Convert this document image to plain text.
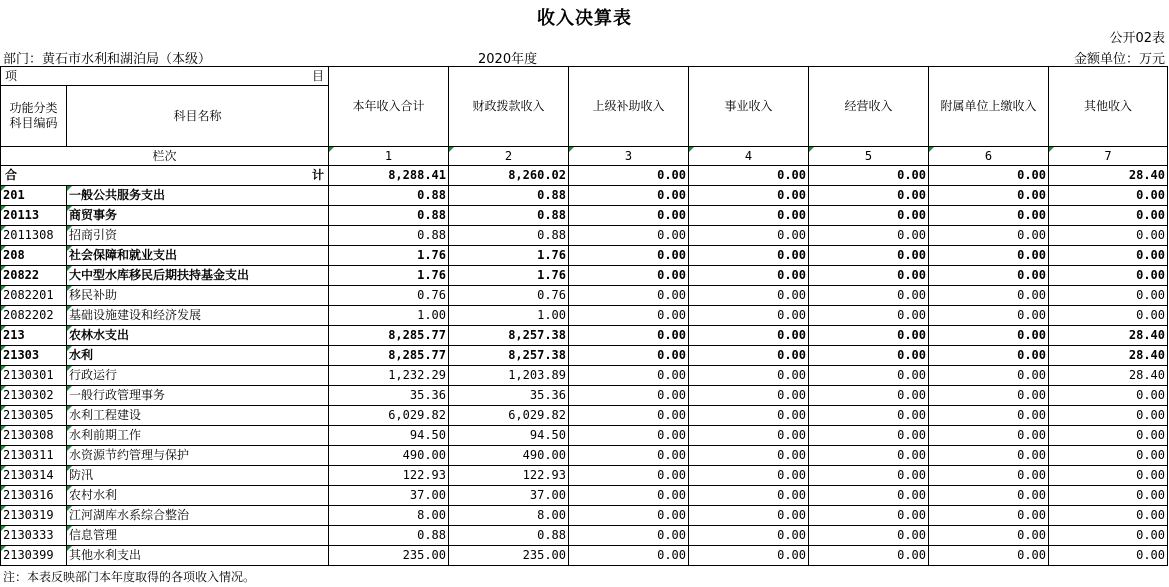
收入决算表
公开02表
部门：黄石市水利和湖泊局（本级）	2020年度	金额单位：万元
项 目		本年收入合计	财政拨款收入	上级补助收入	事业收入	经营收入	附属单位上缴收入	其他收入
功能分类
科目编码	科目名称							
栏次		1	2	3	4	5	6	7

合 计		8,288.41	8,260.02	0.00	0.00	0.00	0.00	28.40
201	一般公共服务支出	0.88	0.88	0.00	0.00	0.00	0.00	0.00
20113	商贸事务	0.88	0.88	0.00	0.00	0.00	0.00	0.00
2011308	招商引资	0.88	0.88	0.00	0.00	0.00	0.00	0.00
208	社会保障和就业支出	1.76	1.76	0.00	0.00	0.00	0.00	0.00
20822	大中型水库移民后期扶持基金支出	1.76	1.76	0.00	0.00	0.00	0.00	0.00
2082201	移民补助	0.76	0.76	0.00	0.00	0.00	0.00	0.00
2082202	基础设施建设和经济发展	1.00	1.00	0.00	0.00	0.00	0.00	0.00
213	农林水支出	8,285.77	8,257.38	0.00	0.00	0.00	0.00	28.40
21303	水利	8,285.77	8,257.38	0.00	0.00	0.00	0.00	28.40
2130301	行政运行	1,232.29	1,203.89	0.00	0.00	0.00	0.00	28.40
2130302	一般行政管理事务	35.36	35.36	0.00	0.00	0.00	0.00	0.00
2130305	水利工程建设	6,029.82	6,029.82	0.00	0.00	0.00	0.00	0.00
2130308	水利前期工作	94.50	94.50	0.00	0.00	0.00	0.00	0.00
2130311	水资源节约管理与保护	490.00	490.00	0.00	0.00	0.00	0.00	0.00
2130314	防汛	122.93	122.93	0.00	0.00	0.00	0.00	0.00
2130316	农村水利	37.00	37.00	0.00	0.00	0.00	0.00	0.00
2130319	江河湖库水系综合整治	8.00	8.00	0.00	0.00	0.00	0.00	0.00
2130333	信息管理	0.88	0.88	0.00	0.00	0.00	0.00	0.00
2130399	其他水利支出	235.00	235.00	0.00	0.00	0.00	0.00	0.00
注：本表反映部门本年度取得的各项收入情况。
